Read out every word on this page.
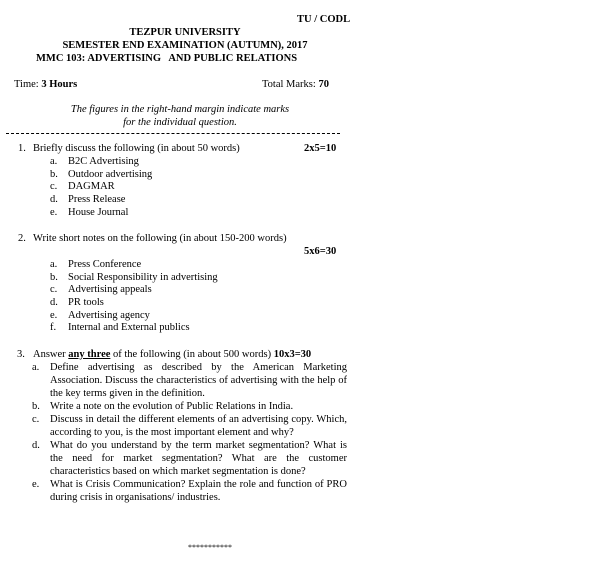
TU / CODL
TEZPUR UNIVERSITY
SEMESTER END EXAMINATION (AUTUMN), 2017
MMC 103: ADVERTISING   AND PUBLIC RELATIONS
Time: 3 Hours	Total Marks: 70
The figures in the right-hand margin indicate marks
for the individual question.
1. Briefly discuss the following (in about 50 words)	2x5=10
a.	B2C Advertising
b. Outdoor advertising
c.	DAGMAR
d. Press Release
e.	House Journal
2. Write short notes on the following (in about 150-200 words)
5x6=30
a.	Press Conference
b. Social Responsibility in advertising
c.	Advertising appeals
d. PR tools
e.	Advertising agency
f.	Internal and External publics
3. Answer any three of the following (in about 500 words) 10x3=30
a.	Define advertising as described by the American Marketing Association. Discuss the characteristics of advertising with the help of the key terms given in the definition.
b. Write a note on the evolution of Public Relations in India.
c.	Discuss in detail the different elements of an advertising copy. Which, according to you, is the most important element and why?
d. What do you understand by the term market segmentation? What is the need for market segmentation? What are the customer characteristics based on which market segmentation is done?
e.	What is Crisis Communication? Explain the role and function of PRO during crisis in organisations/ industries.
***********
